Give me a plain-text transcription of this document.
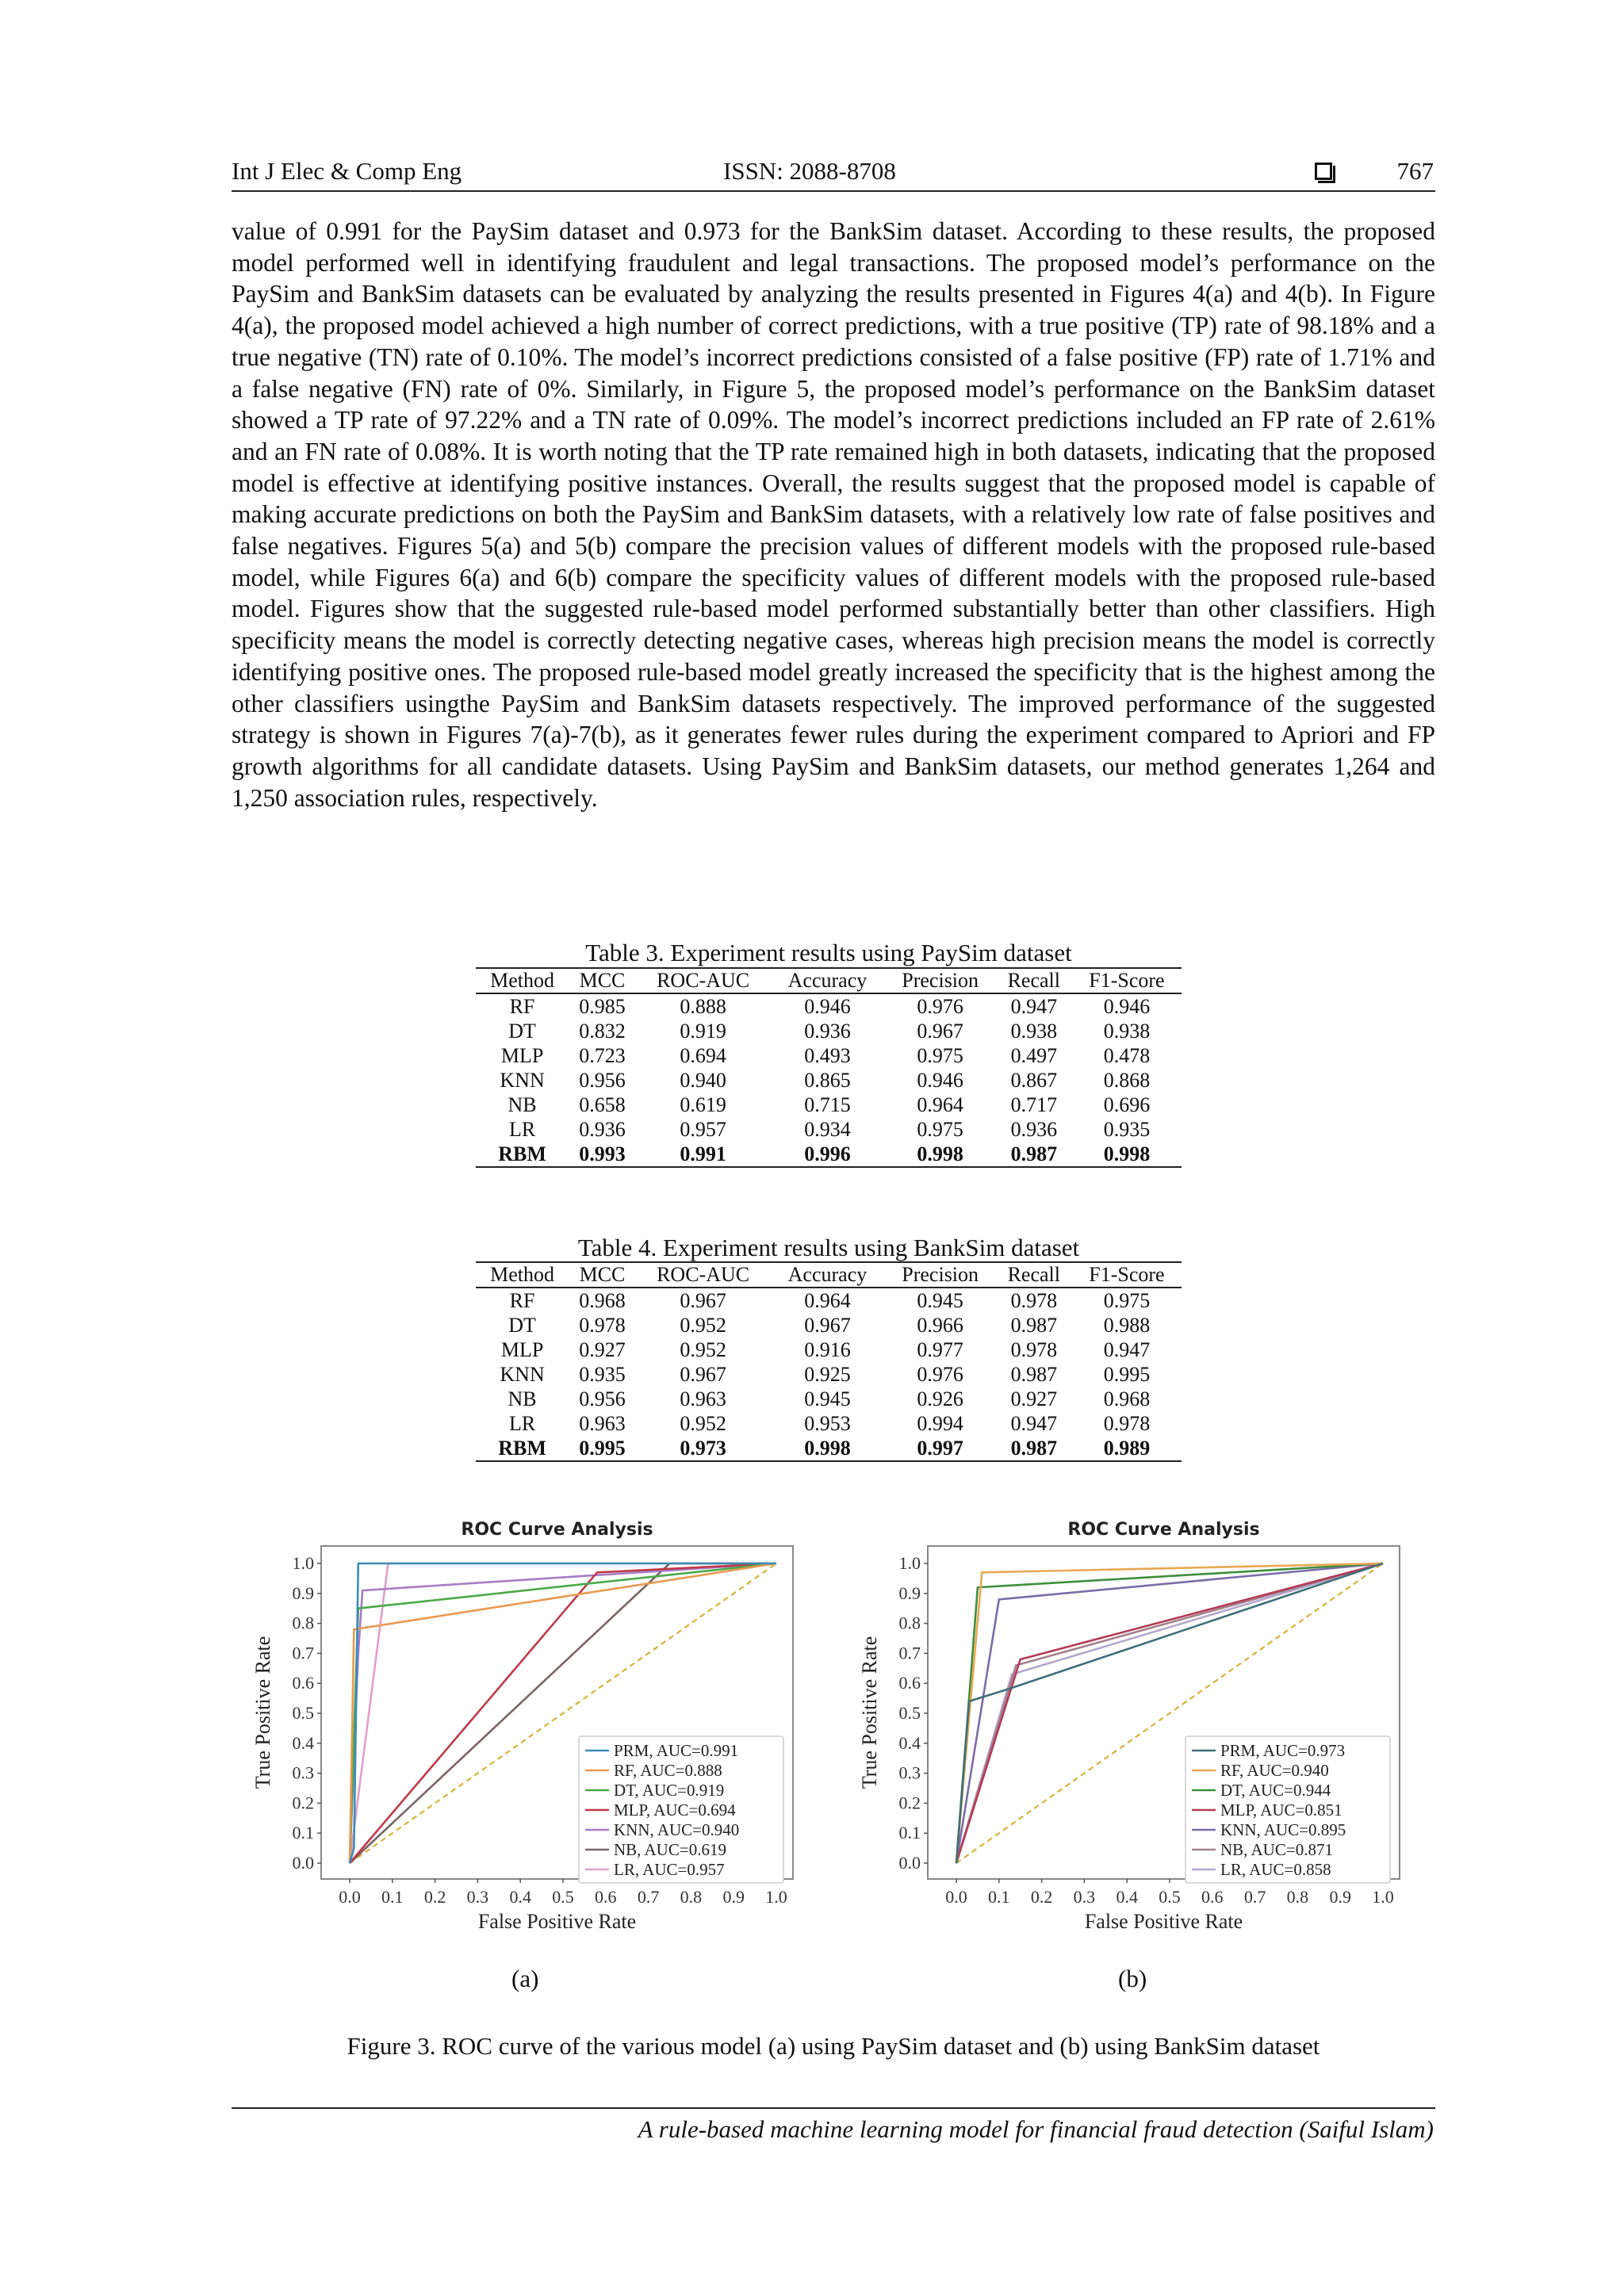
Int J Elec & Comp Eng	ISSN: 2088-8708	767

value of 0.991 for the PaySim dataset and 0.973 for the BankSim dataset. According to these results, the proposed model performed well in identifying fraudulent and legal transactions. The proposed model’s performance on the PaySim and BankSim datasets can be evaluated by analyzing the results presented in Figures 4(a) and 4(b). In Figure 4(a), the proposed model achieved a high number of correct predictions, with a true positive (TP) rate of 98.18% and a true negative (TN) rate of 0.10%. The model’s incorrect predictions consisted of a false positive (FP) rate of 1.71% and a false negative (FN) rate of 0%. Similarly, in Figure 5, the proposed model’s performance on the BankSim dataset showed a TP rate of 97.22% and a TN rate of 0.09%. The model’s incorrect predictions included an FP rate of 2.61% and an FN rate of 0.08%. It is worth noting that the TP rate remained high in both datasets, indicating that the proposed model is effective at identifying positive instances. Overall, the results suggest that the proposed model is capable of making accurate predictions on both the PaySim and BankSim datasets, with a relatively low rate of false positives and false negatives. Figures 5(a) and 5(b) compare the precision values of different models with the proposed rule-based model, while Figures 6(a) and 6(b) compare the specificity values of different models with the proposed rule-based model. Figures show that the suggested rule-based model performed substantially better than other classifiers. High specificity means the model is correctly detecting negative cases, whereas high precision means the model is correctly identifying positive ones. The proposed rule-based model greatly increased the specificity that is the highest among the other classifiers usingthe PaySim and BankSim datasets respectively. The improved performance of the suggested strategy is shown in Figures 7(a)-7(b), as it generates fewer rules during the experiment compared to Apriori and FP growth algorithms for all candidate datasets. Using PaySim and BankSim datasets, our method generates 1,264 and 1,250 association rules, respectively.

Table 3. Experiment results using PaySim dataset
Method	MCC	ROC-AUC	Accuracy	Precision	Recall	F1-Score
RF	0.985	0.888	0.946	0.976	0.947	0.946
DT	0.832	0.919	0.936	0.967	0.938	0.938
MLP	0.723	0.694	0.493	0.975	0.497	0.478
KNN	0.956	0.940	0.865	0.946	0.867	0.868
NB	0.658	0.619	0.715	0.964	0.717	0.696
LR	0.936	0.957	0.934	0.975	0.936	0.935
RBM	0.993	0.991	0.996	0.998	0.987	0.998
Table 4. Experiment results using BankSim dataset
Method	MCC	ROC-AUC	Accuracy	Precision	Recall	F1-Score
RF	0.968	0.967	0.964	0.945	0.978	0.975
DT	0.978	0.952	0.967	0.966	0.987	0.988
MLP	0.927	0.952	0.916	0.977	0.978	0.947
KNN	0.935	0.967	0.925	0.976	0.987	0.995
NB	0.956	0.963	0.945	0.926	0.927	0.968
LR	0.963	0.952	0.953	0.994	0.947	0.978
RBM	0.995	0.973	0.998	0.997	0.987	0.989
ROC Curve Analysis
0.0 0.1 0.2 0.3 0.4 0.5 0.6 0.7 0.8 0.9 1.0
0.0
0.1
0.2
0.3
0.4
0.5
0.6
0.7
0.8
0.9
1.0
False Positive Rate
True Positive Rate	PRM, AUC=0.991
RF, AUC=0.888
DT, AUC=0.919
MLP, AUC=0.694
KNN, AUC=0.940
NB, AUC=0.619
LR, AUC=0.957
ROC Curve Analysis
0.0 0.1 0.2 0.3 0.4 0.5 0.6 0.7 0.8 0.9 1.0
0.0
0.1
0.2
0.3
0.4
0.5
0.6
0.7
0.8
0.9
1.0
False Positive Rate
True Positive Rate	PRM, AUC=0.973
RF, AUC=0.940
DT, AUC=0.944
MLP, AUC=0.851
KNN, AUC=0.895
NB, AUC=0.871
LR, AUC=0.858
(a)	(b)
Figure 3. ROC curve of the various model (a) using PaySim dataset and (b) using BankSim dataset
A rule-based machine learning model for financial fraud detection (Saiful Islam)
